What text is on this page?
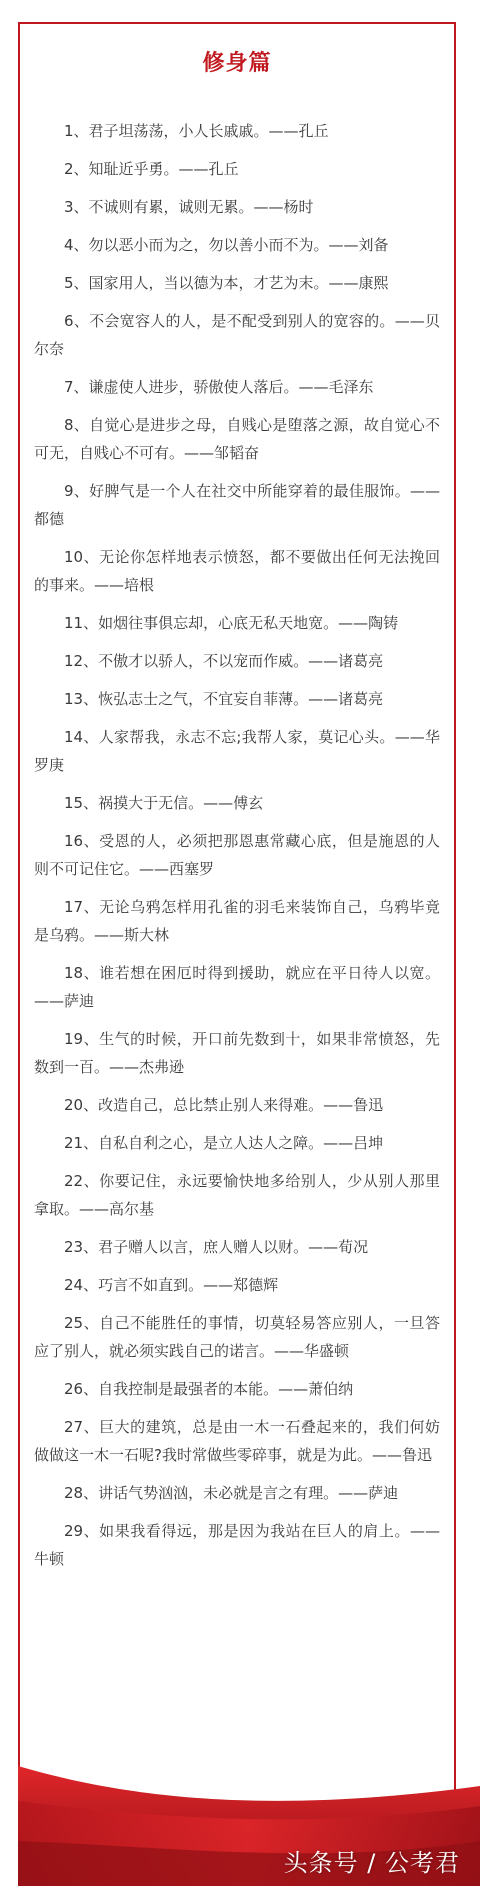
修身篇
1、君子坦荡荡，小人长戚戚。——孔丘
2、知耻近乎勇。——孔丘
3、不诚则有累，诚则无累。——杨时
4、勿以恶小而为之，勿以善小而不为。——刘备
5、国家用人，当以德为本，才艺为末。——康熙
6、不会宽容人的人，是不配受到别人的宽容的。——贝尔奈
7、谦虚使人进步，骄傲使人落后。——毛泽东
8、自觉心是进步之母，自贱心是堕落之源，故自觉心不可无，自贱心不可有。——邹韬奋
9、好脾气是一个人在社交中所能穿着的最佳服饰。——都德
10、无论你怎样地表示愤怒，都不要做出任何无法挽回的事来。——培根
11、如烟往事俱忘却，心底无私天地宽。——陶铸
12、不傲才以骄人，不以宠而作威。——诸葛亮
13、恢弘志士之气，不宜妄自菲薄。——诸葛亮
14、人家帮我，永志不忘;我帮人家，莫记心头。——华罗庚
15、祸摸大于无信。——傅玄
16、受恩的人，必须把那恩惠常藏心底，但是施恩的人则不可记住它。——西塞罗
17、无论乌鸦怎样用孔雀的羽毛来装饰自己，乌鸦毕竟是乌鸦。——斯大林
18、谁若想在困厄时得到援助，就应在平日待人以宽。——萨迪
19、生气的时候，开口前先数到十，如果非常愤怒，先数到一百。——杰弗逊
20、改造自己，总比禁止别人来得难。——鲁迅
21、自私自利之心，是立人达人之障。——吕坤
22、你要记住，永远要愉快地多给别人，少从别人那里拿取。——高尔基
23、君子赠人以言，庶人赠人以财。——荀况
24、巧言不如直到。——郑德辉
25、自己不能胜任的事情，切莫轻易答应别人，一旦答应了别人，就必须实践自己的诺言。——华盛顿
26、自我控制是最强者的本能。——萧伯纳
27、巨大的建筑，总是由一木一石叠起来的，我们何妨做做这一木一石呢?我时常做些零碎事，就是为此。——鲁迅
28、讲话气势汹汹，未必就是言之有理。——萨迪
29、如果我看得远，那是因为我站在巨人的肩上。——牛顿
头条号 / 公考君
